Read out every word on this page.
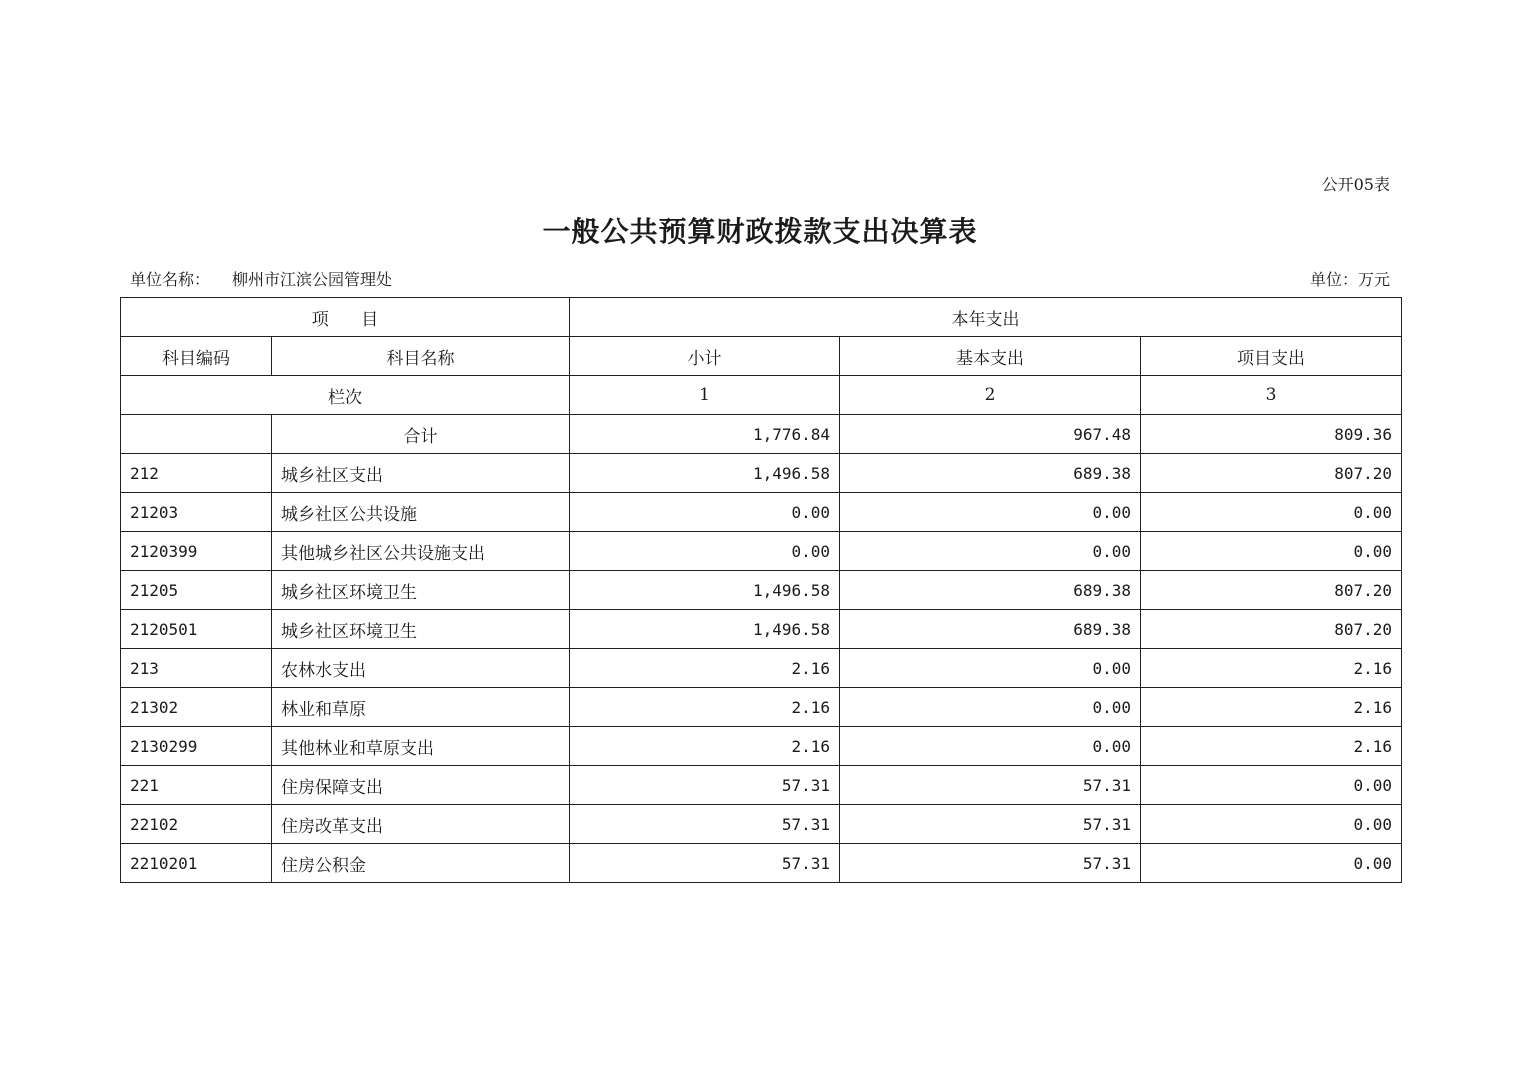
公开05表
一般公共预算财政拨款支出决算表
单位名称： 柳州市江滨公园管理处	单位：万元
项      目		本年支出		
科目编码	科目名称	小计	基本支出	项目支出
栏次		1	2	3
	合计	1,776.84	967.48	809.36
212	城乡社区支出	1,496.58	689.38	807.20
21203	城乡社区公共设施	0.00	0.00	0.00
2120399	其他城乡社区公共设施支出	0.00	0.00	0.00
21205	城乡社区环境卫生	1,496.58	689.38	807.20
2120501	城乡社区环境卫生	1,496.58	689.38	807.20
213	农林水支出	2.16	0.00	2.16
21302	林业和草原	2.16	0.00	2.16
2130299	其他林业和草原支出	2.16	0.00	2.16
221	住房保障支出	57.31	57.31	0.00
22102	住房改革支出	57.31	57.31	0.00
2210201	住房公积金	57.31	57.31	0.00
